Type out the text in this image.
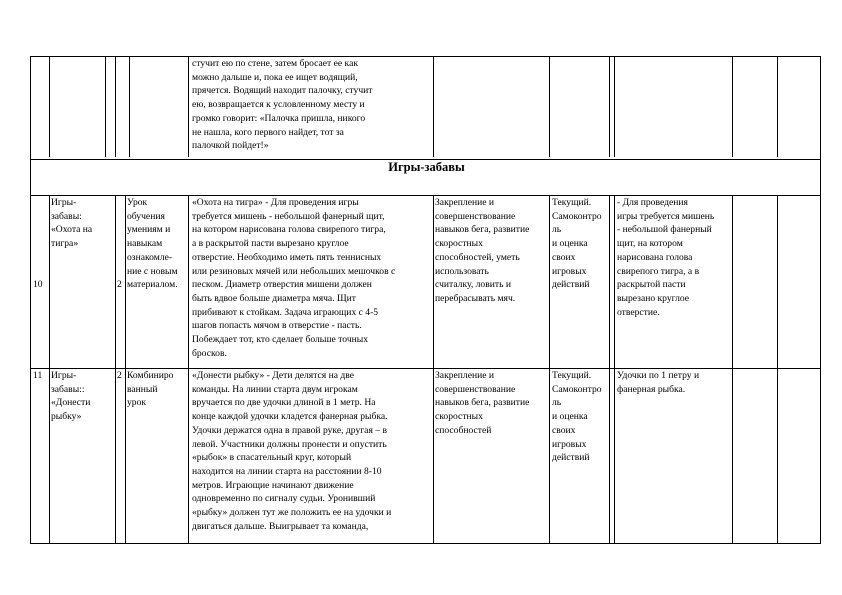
Игры-забавы
стучит ею по стене, затем бросает ее как
можно дальше и, пока ее ищет водящий,
прячется. Водящий находит палочку, стучит
ею, возвращается к условленному месту и
громко говорит: «Палочка пришла, никого
не нашла, кого первого найдет, тот за
палочкой пойдет!»
10
Игры-
забавы:
«Охота на
тигра»
2
Урок
обучения
умениям и
навыкам
ознакомле-
ние с новым
материалом.
«Охота на тигра» - Для проведения игры
требуется мишень - небольшой фанерный щит,
на котором нарисована голова свирепого тигра,
а в раскрытой пасти вырезано круглое
отверстие. Необходимо иметь пять теннисных
или резиновых мячей или небольших мешочков с
песком. Диаметр отверстия мишени должен
быть вдвое больше диаметра мяча. Щит
прибивают к стойкам. Задача играющих с 4-5
шагов попасть мячом в отверстие - пасть.
Побеждает тот, кто сделает больше точных
бросков.
Закрепление и
совершенствование
навыков бега, развитие
скоростных
способностей, уметь
использовать
считалку, ловить и
перебрасывать мяч.
Текущий.
Самоконтро
ль
и оценка
своих
игровых
действий
- Для проведения
игры требуется мишень
- небольшой фанерный
щит, на котором
нарисована голова
свирепого тигра, а в
раскрытой пасти
вырезано круглое
отверстие.
11 Игры-
забавы::
«Донести
рыбку»
2 Комбиниро
ванный
урок
«Донести рыбку» - Дети делятся на две
команды. На линии старта двум игрокам
вручается по две удочки длиной в 1 метр. На
конце каждой удочки кладется фанерная рыбка.
Удочки держатся одна в правой руке, другая – в
левой. Участники должны пронести и опустить
«рыбок» в спасательный круг, который
находится на линии старта на расстоянии 8-10
метров. Играющие начинают движение
одновременно по сигналу судьи. Уронивший
«рыбку» должен тут же положить ее на удочки и
двигаться дальше. Выигрывает та команда,
Закрепление и
совершенствование
навыков бега, развитие
скоростных
способностей
Текущий.
Самоконтро
ль
и оценка
своих
игровых
действий
Удочки по 1 петру и
фанерная рыбка.
